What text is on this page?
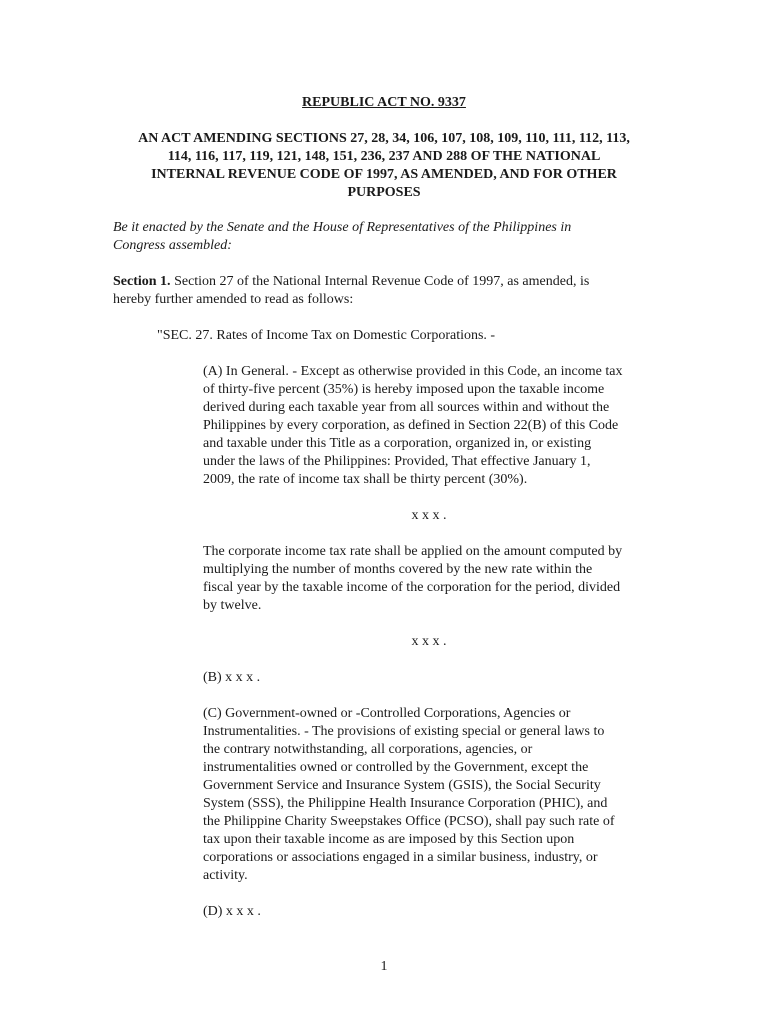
REPUBLIC ACT NO. 9337
AN ACT AMENDING SECTIONS 27, 28, 34, 106, 107, 108, 109, 110, 111, 112, 113,
114, 116, 117, 119, 121, 148, 151, 236, 237 AND 288 OF THE NATIONAL
INTERNAL REVENUE CODE OF 1997, AS AMENDED, AND FOR OTHER
PURPOSES
Be it enacted by the Senate and the House of Representatives of the Philippines in
Congress assembled:
Section 1. Section 27 of the National Internal Revenue Code of 1997, as amended, is
hereby further amended to read as follows:
"SEC. 27. Rates of Income Tax on Domestic Corporations. -
(A) In General. - Except as otherwise provided in this Code, an income tax
of thirty-five percent (35%) is hereby imposed upon the taxable income
derived during each taxable year from all sources within and without the
Philippines by every corporation, as defined in Section 22(B) of this Code
and taxable under this Title as a corporation, organized in, or existing
under the laws of the Philippines: Provided, That effective January 1,
2009, the rate of income tax shall be thirty percent (30%).
x x x .
The corporate income tax rate shall be applied on the amount computed by
multiplying the number of months covered by the new rate within the
fiscal year by the taxable income of the corporation for the period, divided
by twelve.
x x x .
(B) x x x .
(C) Government-owned or -Controlled Corporations, Agencies or
Instrumentalities. - The provisions of existing special or general laws to
the contrary notwithstanding, all corporations, agencies, or
instrumentalities owned or controlled by the Government, except the
Government Service and Insurance System (GSIS), the Social Security
System (SSS), the Philippine Health Insurance Corporation (PHIC), and
the Philippine Charity Sweepstakes Office (PCSO), shall pay such rate of
tax upon their taxable income as are imposed by this Section upon
corporations or associations engaged in a similar business, industry, or
activity.
(D) x x x .
1
